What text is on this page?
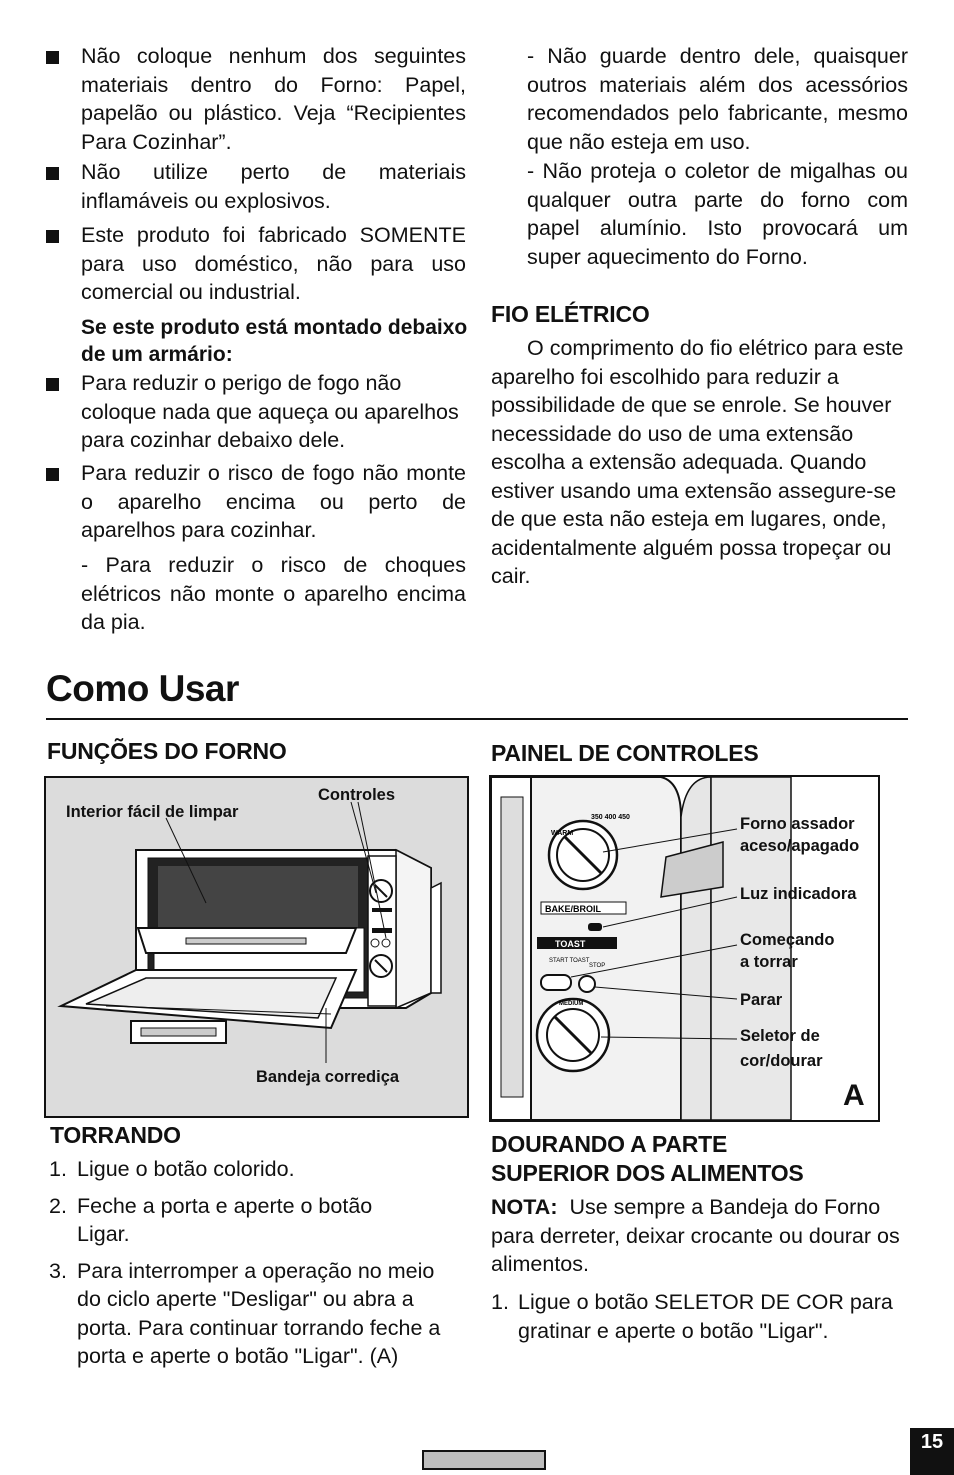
Não coloque nenhum dos seguintes materiais dentro do Forno: Papel, papelão ou plástico. Veja “Recipientes Para Cozinhar”.
Não utilize perto de materiais inflamáveis ou explosivos.
Este produto foi fabricado SOMENTE para uso doméstico, não para uso comercial ou industrial.
Se este produto está montado debaixo de um armário:
Para reduzir o perigo de fogo não coloque nada que aqueça ou aparelhos para cozinhar debaixo dele.
Para reduzir o risco de fogo não monte o aparelho encima ou perto de aparelhos para cozinhar.
- Para reduzir o risco de choques elétricos não monte o aparelho encima da pia.
- Não guarde dentro dele, quaisquer outros materiais além dos acessórios recomendados pelo fabricante, mesmo que não esteja em uso.
- Não proteja o coletor de migalhas ou qualquer outra parte do forno com papel alumínio. Isto provocará um super aquecimento do Forno.
FIO ELÉTRICO
O comprimento do fio elétrico para este aparelho foi escolhido para reduzir a possibilidade de que se enrole. Se houver necessidade do uso de uma extensão escolha a extensão adequada. Quando estiver usando uma extensão assegure-se de que esta não esteja em lugares, onde, acidentalmente alguém possa tropeçar ou cair.
Como Usar
FUNÇÕES DO FORNO
Controles
Interior fácil de limpar
Bandeja corrediça
PAINEL DE CONTROLES
WARM
350 400 450
BAKE/BROIL
TOAST
START TOAST
STOP
MEDIUM
Forno assador
aceso/apagado
Luz indicadora
Começando
a torrar
Parar
Seletor de
cor/dourar
A
TORRANDO
1. Ligue o botão colorido.
2. Feche a porta e aperte o botão Ligar.
3. Para interromper a operação no meio do ciclo aperte "Desligar" ou abra a porta. Para continuar torrando feche a porta e aperte o botão "Ligar". (A)
DOURANDO A PARTE
SUPERIOR DOS ALIMENTOS
NOTA: Use sempre a Bandeja do Forno para derreter, deixar crocante ou dourar os alimentos.
1. Ligue o botão SELETOR DE COR para gratinar e aperte o botão "Ligar".
15
